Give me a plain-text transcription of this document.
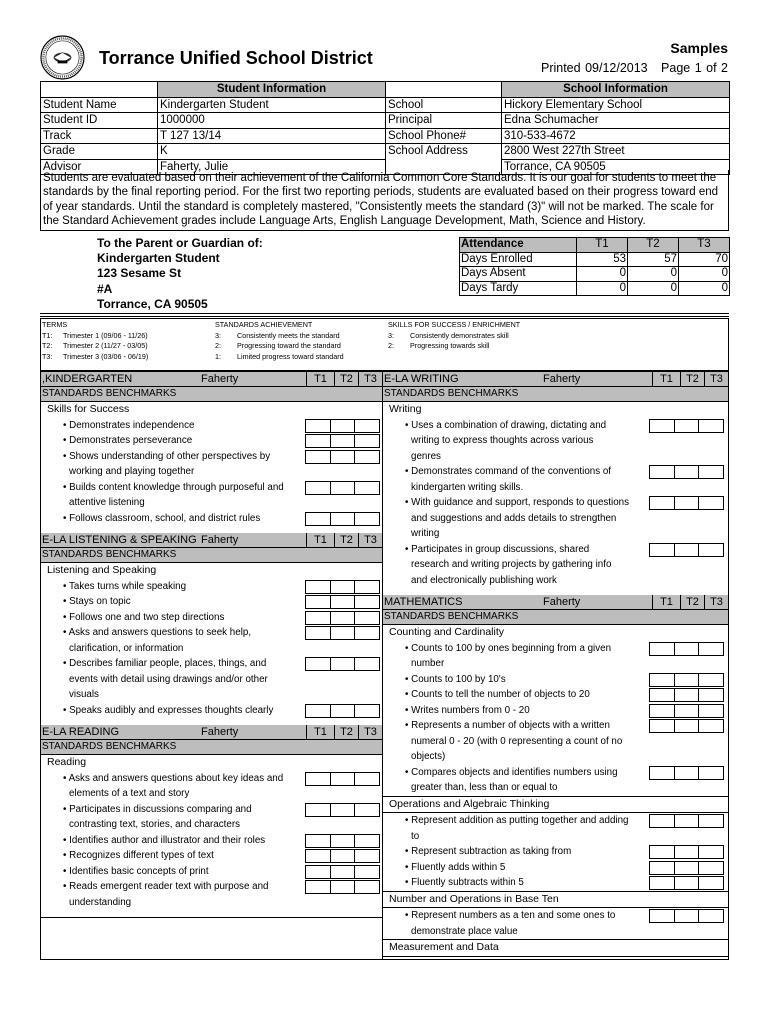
Torrance Unified School District	Samples
Printed 09/12/2013 Page 1 of 2
	Student Information		School Information
Student Name	Kindergarten Student	School	Hickory Elementary School
Student ID	1000000	Principal	Edna Schumacher
Track	T 127 13/14	School Phone#	310-533-4672
Grade	K	School Address	2800 West 227th Street
Advisor	Faherty, Julie		Torrance, CA 90505
Students are evaluated based on their achievement of the California Common Core Standards. It is our goal for students to meet the standards by the final reporting period. For the first two reporting periods, students are evaluated based on their progress toward end of year standards. Until the standard is completely mastered, "Consistently meets the standard (3)" will not be marked. The scale for the Standard Achievement grades include Language Arts, English Language Development, Math, Science and History.
To the Parent or Guardian of:
Kindergarten Student
123 Sesame St
#A
Torrance, CA 90505
Attendance	T1	T2	T3
Days Enrolled	53	57	70
Days Absent	0	0	0
Days Tardy	0	0	0
TERMS
T1: Trimester 1 (09/06 - 11/26)
T2: Trimester 2 (11/27 - 03/05)
T3: Trimester 3 (03/06 - 06/19)
STANDARDS ACHIEVEMENT
3: Consistently meets the standard
2: Progressing toward the standard
1: Limited progress toward standard
SKILLS FOR SUCCESS / ENRICHMENT
3: Consistently demonstrates skill
2: Progressing towards skill
,KINDERGARTEN	Faherty	T1	T2	T3
STANDARDS BENCHMARKS
Skills for Success
• Demonstrates independence
• Demonstrates perseverance
• Shows understanding of other perspectives by
working and playing together
• Builds content knowledge through purposeful and
attentive listening
• Follows classroom, school, and district rules
E-LA LISTENING & SPEAKING Faherty	T1	T2	T3
STANDARDS BENCHMARKS
Listening and Speaking
• Takes turns while speaking
• Stays on topic
• Follows one and two step directions
• Asks and answers questions to seek help,
clarification, or information
• Describes familiar people, places, things, and
events with detail using drawings and/or other
visuals
• Speaks audibly and expresses thoughts clearly
E-LA READING	Faherty	T1	T2	T3
STANDARDS BENCHMARKS
Reading
• Asks and answers questions about key ideas and
elements of a text and story
• Participates in discussions comparing and
contrasting text, stories, and characters
• Identifies author and illustrator and their roles
• Recognizes different types of text
• Identifies basic concepts of print
• Reads emergent reader text with purpose and
understanding
E-LA WRITING	Faherty	T1	T2	T3
STANDARDS BENCHMARKS
Writing
• Uses a combination of drawing, dictating and
writing to express thoughts across various
genres
• Demonstrates command of the conventions of
kindergarten writing skills.
• With guidance and support, responds to questions
and suggestions and adds details to strengthen
writing
• Participates in group discussions, shared
research and writing projects by gathering info
and electronically publishing work
MATHEMATICS	Faherty	T1	T2	T3
STANDARDS BENCHMARKS
Counting and Cardinality
• Counts to 100 by ones beginning from a given
number
• Counts to 100 by 10's
• Counts to tell the number of objects to 20
• Writes numbers from 0 - 20
• Represents a number of objects with a written
numeral 0 - 20 (with 0 representing a count of no
objects)
• Compares objects and identifies numbers using
greater than, less than or equal to
Operations and Algebraic Thinking
• Represent addition as putting together and adding
to
• Represent subtraction as taking from
• Fluently adds within 5
• Fluently subtracts within 5
Number and Operations in Base Ten
• Represent numbers as a ten and some ones to
demonstrate place value
Measurement and Data
